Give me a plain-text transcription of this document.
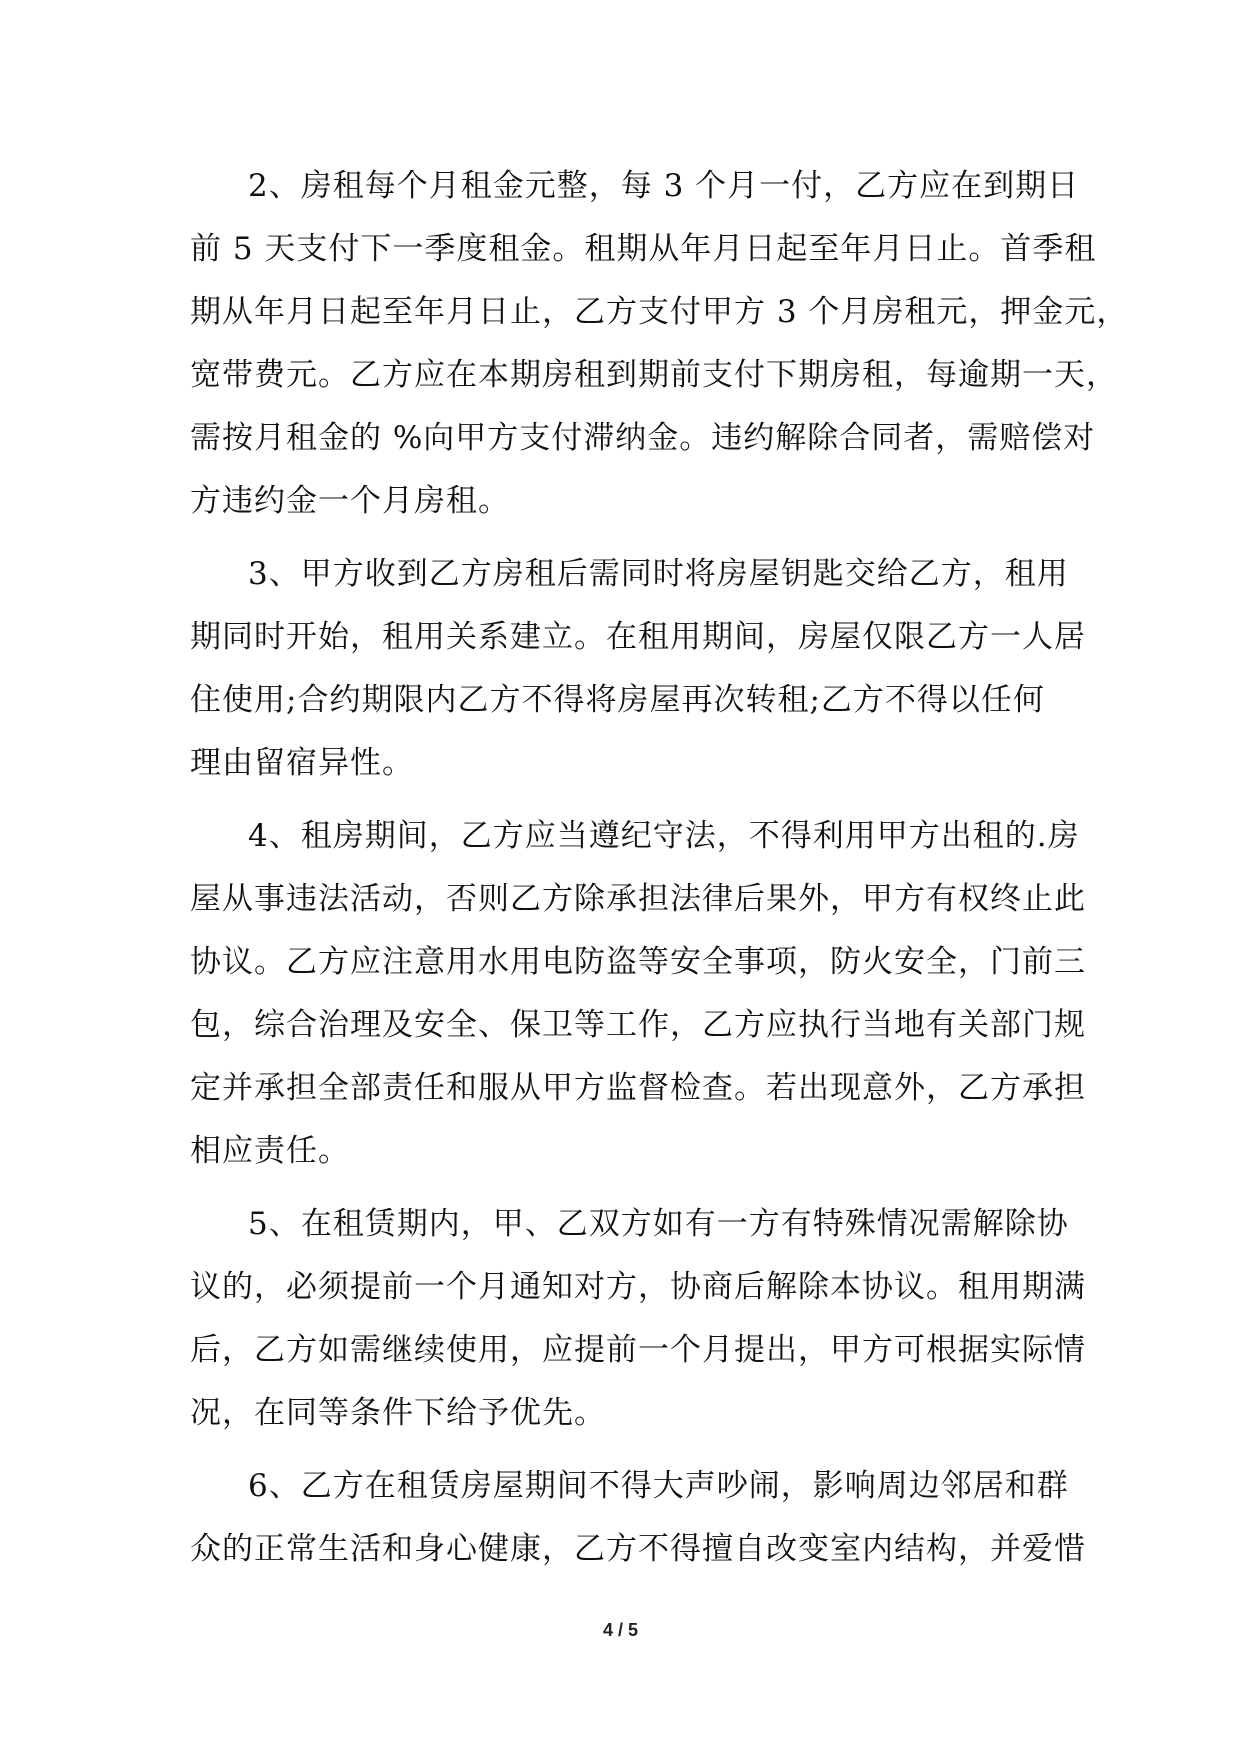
2、房租每个月租金元整，每 3 个月一付，乙方应在到期日
前 5 天支付下一季度租金。租期从年月日起至年月日止。首季租
期从年月日起至年月日止，乙方支付甲方 3 个月房租元，押金元，
宽带费元。乙方应在本期房租到期前支付下期房租，每逾期一天，
需按月租金的 %向甲方支付滞纳金。违约解除合同者，需赔偿对
方违约金一个月房租。
3、甲方收到乙方房租后需同时将房屋钥匙交给乙方，租用
期同时开始，租用关系建立。在租用期间，房屋仅限乙方一人居
住使用;合约期限内乙方不得将房屋再次转租;乙方不得以任何
理由留宿异性。
4、租房期间，乙方应当遵纪守法，不得利用甲方出租的.房
屋从事违法活动，否则乙方除承担法律后果外，甲方有权终止此
协议。乙方应注意用水用电防盗等安全事项，防火安全，门前三
包，综合治理及安全、保卫等工作，乙方应执行当地有关部门规
定并承担全部责任和服从甲方监督检查。若出现意外，乙方承担
相应责任。
5、在租赁期内，甲、乙双方如有一方有特殊情况需解除协
议的，必须提前一个月通知对方，协商后解除本协议。租用期满
后，乙方如需继续使用，应提前一个月提出，甲方可根据实际情
况，在同等条件下给予优先。
6、乙方在租赁房屋期间不得大声吵闹，影响周边邻居和群
众的正常生活和身心健康，乙方不得擅自改变室内结构，并爱惜
4 / 5
